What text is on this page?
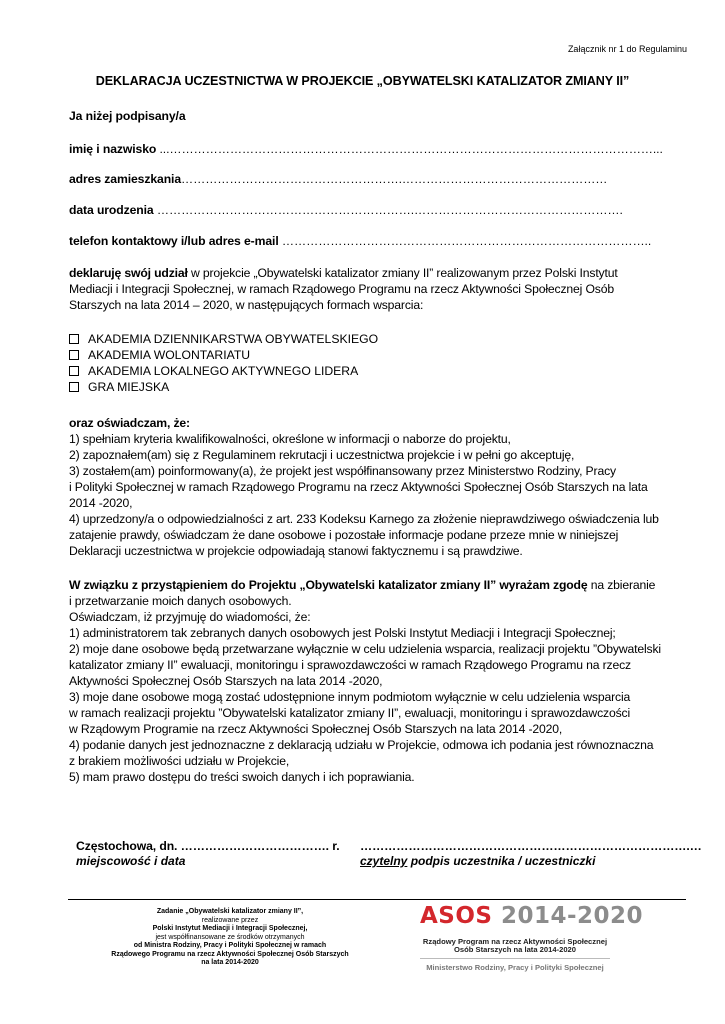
Załącznik nr 1 do Regulaminu
DEKLARACJA UCZESTNICTWA W PROJEKCIE „OBYWATELSKI KATALIZATOR ZMIANY II”
Ja niżej podpisany/a
imię i nazwisko ...…………………………………………………………………………………………………………...
adres zamieszkania……………………………………………….……………………………………………
data urodzenia ……………………………………………………….…………………………………………….
telefon kontaktowy i/lub adres e-mail ………………………………………………………………………………..

deklaruję swój udział w projekcie „Obywatelski katalizator zmiany II” realizowanym przez Polski Instytut

Mediacji i Integracji Społecznej, w ramach Rządowego Programu na rzecz Aktywności Społecznej Osób

Starszych na lata 2014 – 2020, w następujących formach wsparcia:

AKADEMIA DZIENNIKARSTWA OBYWATELSKIEGO
AKADEMIA WOLONTARIATU
AKADEMIA LOKALNEGO AKTYWNEGO LIDERA
GRA MIEJSKA

oraz oświadczam, że:

1) spełniam kryteria kwalifikowalności, określone w informacji o naborze do projektu,

2) zapoznałem(am) się z Regulaminem rekrutacji i uczestnictwa projekcie i w pełni go akceptuję,

3) zostałem(am) poinformowany(a), że projekt jest współfinansowany przez Ministerstwo Rodziny, Pracy

i Polityki Społecznej w ramach Rządowego Programu na rzecz Aktywności Społecznej Osób Starszych na lata

2014 -2020,

4) uprzedzony/a o odpowiedzialności z art. 233 Kodeksu Karnego za złożenie nieprawdziwego oświadczenia lub

zatajenie prawdy, oświadczam że dane osobowe i pozostałe informacje podane przeze mnie w niniejszej

Deklaracji uczestnictwa w projekcie odpowiadają stanowi faktycznemu i są prawdziwe.

W związku z przystąpieniem do Projektu „Obywatelski katalizator zmiany II” wyrażam zgodę na zbieranie

i przetwarzanie moich danych osobowych.

Oświadczam, iż przyjmuję do wiadomości, że:

1) administratorem tak zebranych danych osobowych jest Polski Instytut Mediacji i Integracji Społecznej;

2) moje dane osobowe będą przetwarzane wyłącznie w celu udzielenia wsparcia, realizacji projektu ”Obywatelski

katalizator zmiany II” ewaluacji, monitoringu i sprawozdawczości w ramach Rządowego Programu na rzecz

Aktywności Społecznej Osób Starszych na lata 2014 -2020,

3) moje dane osobowe mogą zostać udostępnione innym podmiotom wyłącznie w celu udzielenia wsparcia

w ramach realizacji projektu ”Obywatelski katalizator zmiany II”, ewaluacji, monitoringu i sprawozdawczości

w Rządowym Programie na rzecz Aktywności Społecznej Osób Starszych na lata 2014 -2020,

4) podanie danych jest jednoznaczne z deklaracją udziału w Projekcie, odmowa ich podania jest równoznaczna

z brakiem możliwości udziału w Projekcie,

5) mam prawo dostępu do treści swoich danych i ich poprawiania.

Częstochowa, dn. ………………………………. r. ……………………………………………………………………….…
miejscowość i data	czytelny podpis uczestnika / uczestniczki
Zadanie „Obywatelski katalizator zmiany II”,
realizowane przez
Polski Instytut Mediacji i Integracji Społecznej,
jest współfinansowane ze środków otrzymanych
od Ministra Rodziny, Pracy i Polityki Społecznej w ramach
Rządowego Programu na rzecz Aktywności Społecznej Osób Starszych
na lata 2014-2020
ASOS 2014-2020
Rządowy Program na rzecz Aktywności Społecznej
Osób Starszych na lata 2014-2020
Ministerstwo Rodziny, Pracy i Polityki Społecznej
